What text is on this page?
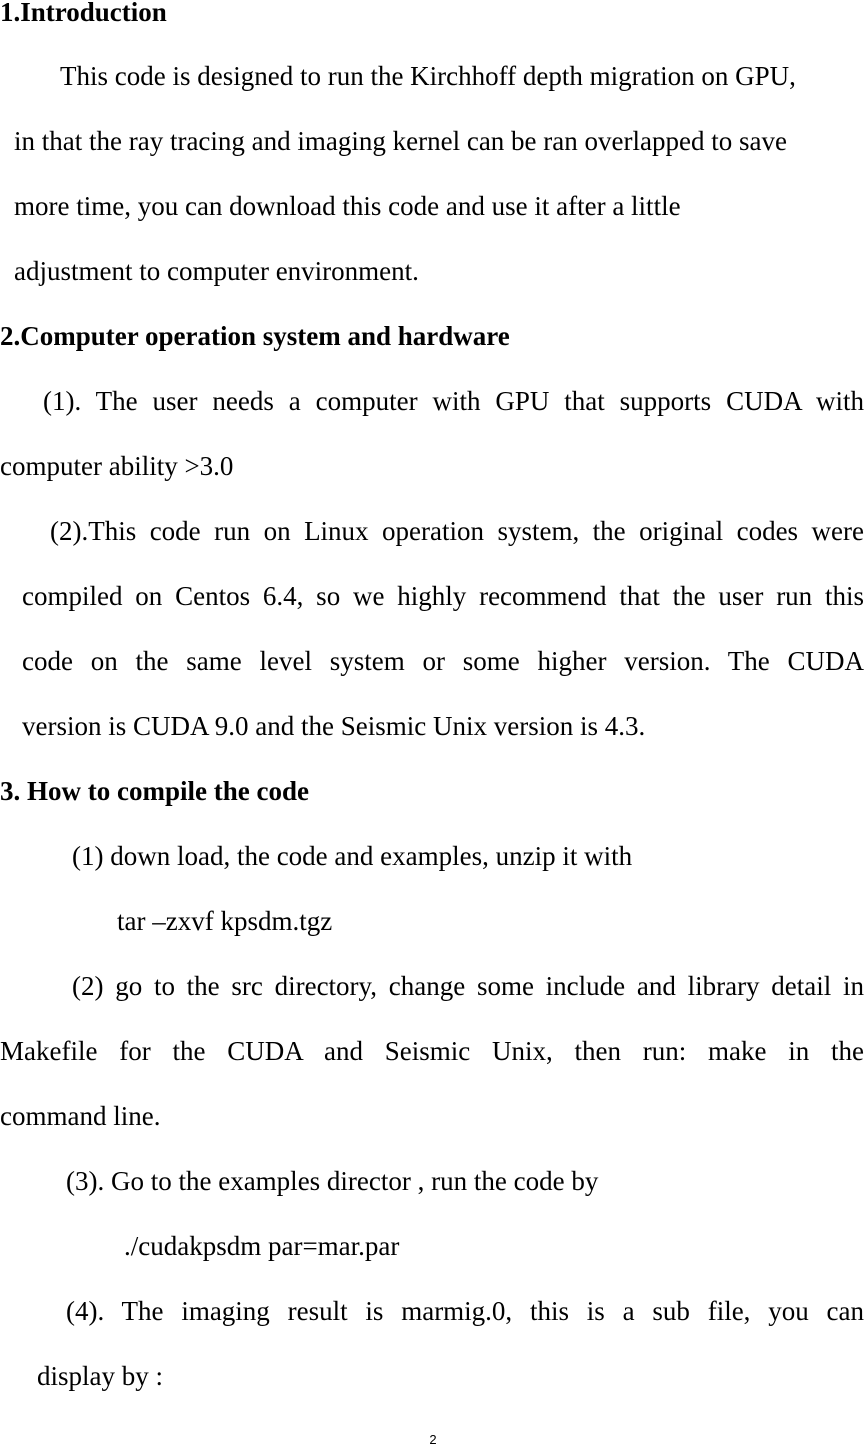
1.Introduction
This code is designed to run the Kirchhoff depth migration on GPU,
in that the ray tracing and imaging kernel can be ran overlapped to save
more time, you can download this code and use it after a little
adjustment to computer environment.
2.Computer operation system and hardware
(1). The user needs a computer with GPU that supports CUDA with
computer ability >3.0
(2).This code run on Linux operation system, the original codes were
compiled on Centos 6.4, so we highly recommend that the user run this
code on the same level system or some higher version. The CUDA
version is CUDA 9.0 and the Seismic Unix version is 4.3.
3. How to compile the code
(1) down load, the code and examples, unzip it with
tar –zxvf kpsdm.tgz
(2) go to the src directory, change some include and library detail in
Makefile for the CUDA and Seismic Unix, then run: make in the
command line.
(3). Go to the examples director , run the code by
./cudakpsdm par=mar.par
(4). The imaging result is marmig.0, this is a sub file, you can
display by :
2
